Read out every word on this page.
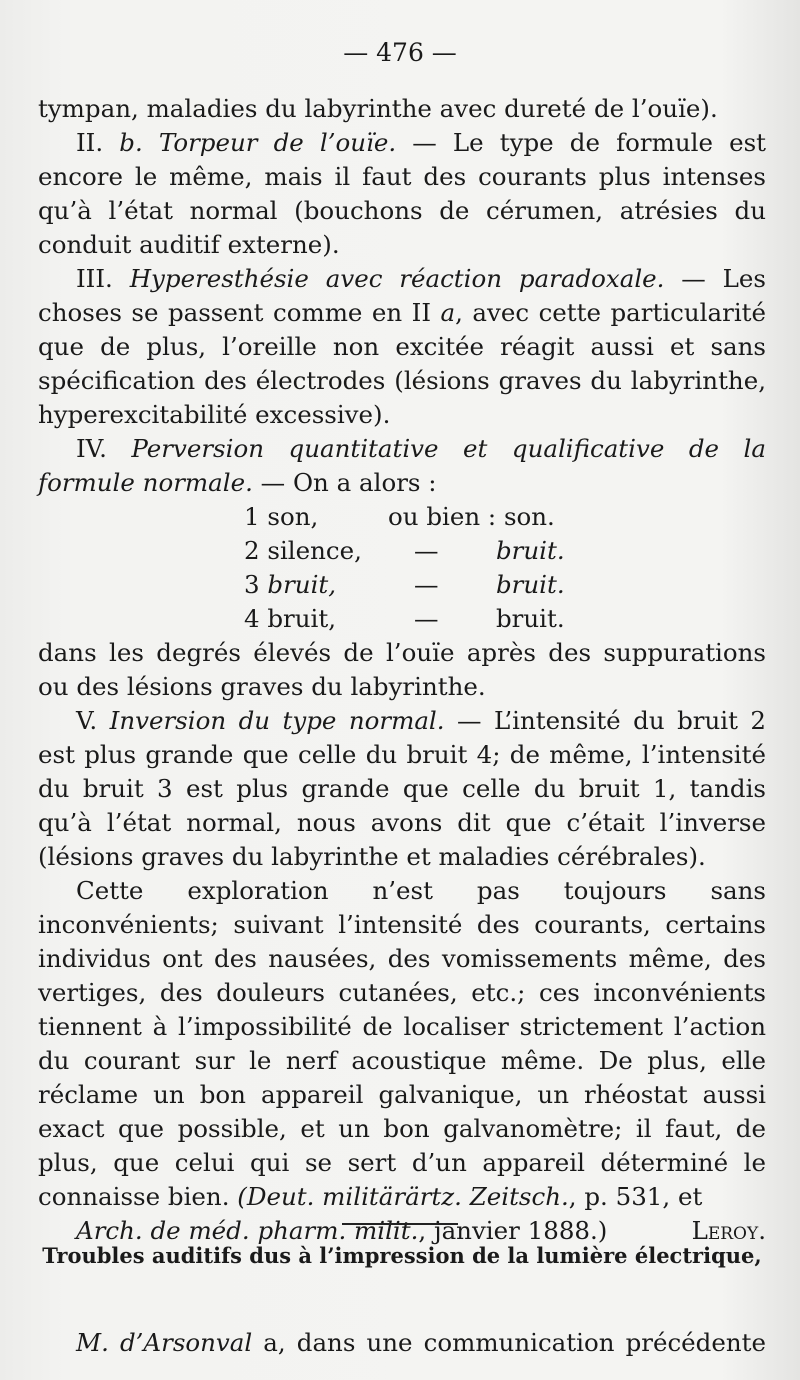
— 476 —

tympan, maladies du labyrinthe avec dureté de l’ouïe).

II. b. Torpeur de l’ouïe. — Le type de formule est encore le même, mais il faut des courants plus intenses qu’à l’état normal (bouchons de cérumen, atrésies du conduit auditif externe).

III. Hyperesthésie avec réaction paradoxale. — Les choses se passent comme en II a, avec cette particularité que de plus, l’oreille non excitée réagit aussi et sans spécification des électrodes (lésions graves du labyrinthe, hyperexcitabilité excessive).

IV. Perversion quantitative et qualificative de la formule normale. — On a alors :

1 son,	ou bien : son.
2 silence, — bruit.
3 bruit,	— bruit.
4 bruit,	— bruit.

dans les degrés élevés de l’ouïe après des suppurations ou des lésions graves du labyrinthe.

V. Inversion du type normal. — L’intensité du bruit 2 est plus grande que celle du bruit 4; de même, l’intensité du bruit 3 est plus grande que celle du bruit 1, tandis qu’à l’état normal, nous avons dit que c’était l’inverse (lésions graves du labyrinthe et maladies cérébrales).

Cette exploration n’est pas toujours sans inconvénients; suivant l’intensité des courants, certains individus ont des nausées, des vomissements même, des vertiges, des douleurs cutanées, etc.; ces inconvénients tiennent à l’impossibilité de localiser strictement l’action du courant sur le nerf acoustique même. De plus, elle réclame un bon appareil galvanique, un rhéostat aussi exact que possible, et un bon galvanomètre; il faut, de plus, que celui qui se sert d’un appareil déterminé le connaisse bien. (Deut. militärärtz. Zeitsch., p. 531, et

Arch. de méd. pharm. milit., janvier 1888.)	Leroy.

Troubles auditifs dus à l’impression de la lumière électrique,

M. d’Arsonval a, dans une communication précédente
